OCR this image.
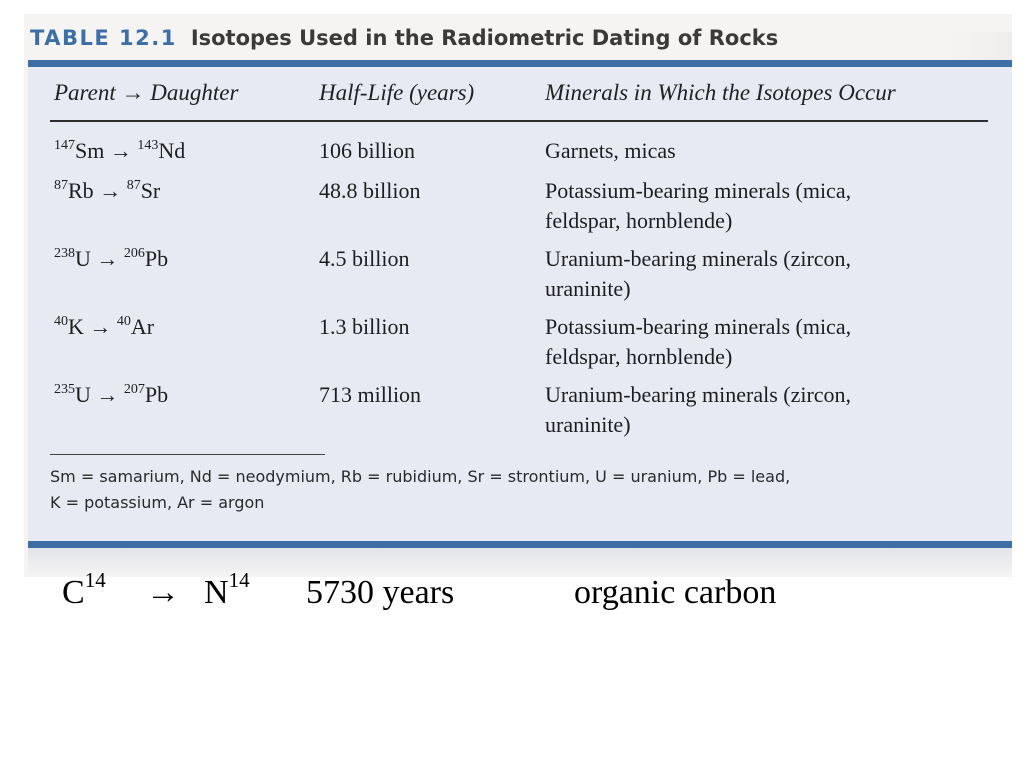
TABLE 12.1 Isotopes Used in the Radiometric Dating of Rocks
Parent → Daughter	Half-Life (years)	Minerals in Which the Isotopes Occur
$^{147}$Sm → $^{143}$Nd	106 billion	Garnets, micas
$^{87}$Rb → $^{87}$Sr	48.8 billion	Potassium-bearing minerals (mica,
feldspar, hornblende)
$^{238}$U → $^{206}$Pb	4.5 billion	Uranium-bearing minerals (zircon,
uraninite)
$^{40}$K → $^{40}$Ar	1.3 billion	Potassium-bearing minerals (mica,
feldspar, hornblende)
$^{235}$U → $^{207}$Pb	713 million	Uranium-bearing minerals (zircon,
uraninite)
Sm = samarium, Nd = neodymium, Rb = rubidium, Sr = strontium, U = uranium, Pb = lead,
K = potassium, Ar = argon
$C^{14} \to N^{14}$ 5730 years	organic carbon
